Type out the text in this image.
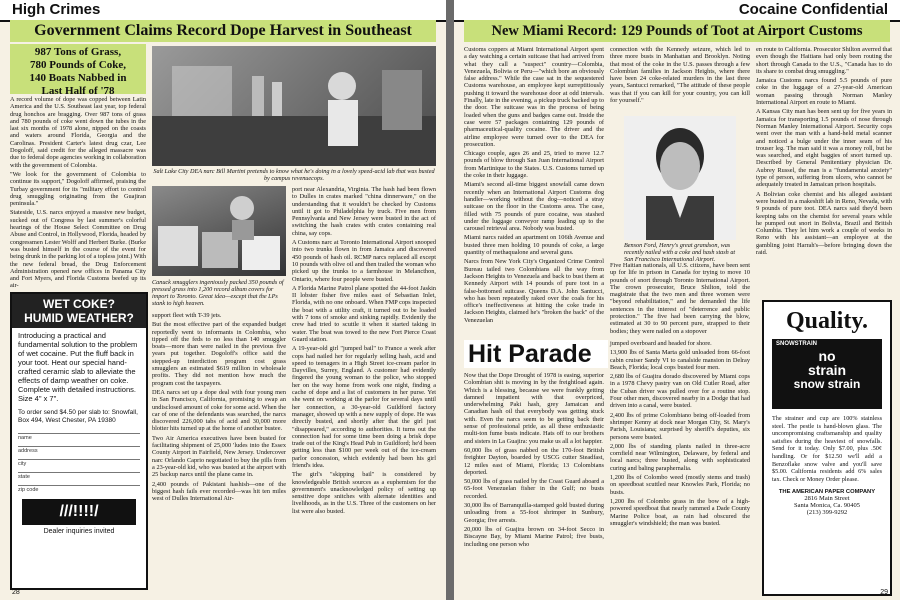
High Crimes
Government Claims Record Dope Harvest in Southeast
987 Tons of Grass,
780 Pounds of Coke,
140 Boats Nabbed in
Last Half of '78

A record volume of dope was copped between Latin America and the U.S. Southeast last year, top federal drug honchos are bragging. Over 987 tons of grass and 780 pounds of coke went down the tubes in the last six months of 1978 alone, nipped on the coasts and waters around Florida, Georgia and the Carolinas. President Carter's latest drug czar, Lee Dogoloff, said credit for the alleged massacre was due to federal dope agencies working in collaboration with the government of Colombia.

"We look for the government of Colombia to continue its support," Dogoloff affirmed, praising the Turbay government for its "military effort to control drug smuggling originating from the Guajiran peninsula."

Stateside, U.S. narcs enjoyed a massive new budget, sucked out of Congress by last summer's colorful hearings of the House Select Committee on Drug Abuse and Control, in Hollywood, Florida, headed by congressmen Lester Wolff and Herbert Burke. (Burke was busted himself in the course of the event for being drunk in the parking lot of a topless joint.) With the new federal bread, the Drug Enforcement Administration opened new offices in Panama City and Fort Myers, and Florida Customs beefed up its air-

Salt Lake City DEA narc Bill Martini pretends to know what he's doing in a lovely speed-acid lab that was busted by campus revenuecops.
Canuck smugglers ingeniously packed 350 pounds of pressed grass into 1,200 record album covers for import to Toronto. Great idea—except that the LPs stank to high heaven.

port near Alexandria, Virginia. The hash had been flown to Dulles in crates marked "china dinnerware," on the understanding that it wouldn't be checked by Customs until it got to Philadelphia by truck. Five men from Pennsylvania and New Jersey were busted in the act of switching the hash crates with crates containing real china, say cops.

A Customs narc at Toronto International Airport snooped into two trunks flown in from Jamaica and discovered 450 pounds of hash oil. RCMP narcs replaced all except 10 pounds with olive oil and then trailed the woman who picked up the trunks to a farmhouse in Melancthon, Ontario, where four people were busted.

A Florida Marine Patrol plane spotted the 44-foot Jaskin II lobster fisher five miles east of Sebastian Inlet, Florida, with no one onboard. When FMP cops inspected the boat with a utility craft, it turned out to be loaded with 7 tons of smoke and sinking rapidly. Evidently the crew had tried to scuttle it when it started taking in water. The boat was towed to the new Fort Pierce Coast Guard station.

A 19-year-old girl "jumped bail" to France a week after cops had nailed her for regularly selling hash, acid and speed to teenagers in a High Street ice-cream parlor in Dayvilles, Surrey, England. A customer had evidently fingered the young woman to the police, who stopped her on the way home from work one night, finding a cache of dope and a list of customers in her purse. Yet she went on working at the parlor for several days until her connection, a 30-year-old Guildford factory manager, showed up with a new supply of dope. He was directly busted, and shortly after that the girl just "disappeared," according to authorities. It turns out the connection had for some time been doing a brisk dope trade out of the King's Head Pub in Guildford; he'd been getting less than $100 per week out of the ice-cream parlor concession, which evidently had been his girl friend's idea.

The girl's "skipping bail" is considered by knowledgeable British sources as a euphemism for the government's unacknowledged policy of setting up sensitive dope snitches with alternate identities and livelihoods, as in the U.S. Three of the customers on her list were also busted.

support fleet with T-39 jets.

But the most effective part of the expanded budget reportedly went to informants in Colombia, who tipped off the feds to no less than 140 smuggler boats—more than were nailed in the previous five years put together. Dogoloff's office said the stepped-up interdiction program cost grass smugglers an estimated $619 million in wholesale profits. They did not mention how much the program cost the taxpayers.

DEA narcs set up a dope deal with four young men in San Francisco, California, promising to swap an undisclosed amount of coke for some acid. When the car of one of the defendants was searched, the narcs discovered 226,000 tabs of acid and 30,000 more blotter hits turned up at the home of another bustee.

Two Air America executives have been busted for facilitating shipment of 25,000 'ludes into the Essex County Airport in Fairfield, New Jersey. Undercover narc Orlando Caprio negotiated to buy the pills from a 23-year-old kid, who was busted at the airport with 25 backup narcs until the plane came in.

2,400 pounds of Pakistani hashish—one of the biggest hash fails ever recorded—was hit ten miles west of Dulles International Air-

WET COKE?
HUMID WEATHER?
Introducing a practical and fundamental solution to the problem of wet cocaine. Put the fluff back in your toot. Heat our special hand-crafted ceramic slab to alleviate the effects of damp weather on coke. Complete with detailed instructions. Size 4" x 7".
To order send $4.50 per slab to: Snowfall, Box 494, West Chester, PA 19380
name
address
city
state
zip code
///!!!!/
Dealer inquiries invited
28
Cocaine Confidential
New Miami Record: 129 Pounds of Toot at Airport Customs

Customs coppers at Miami International Airport spent a day watching a certain suitcase that had arrived from what they call a "suspect" country—Colombia, Venezuela, Bolivia or Peru—"which bore an obviously false address." While the case sat in the sequestered Customs warehouse, an employee kept surreptitiously pushing it toward the warehouse door at odd intervals. Finally, late in the evening, a pickup truck backed up to the door. The suitcase was in the process of being loaded when the guns and badges came out. Inside the case were 57 packages containing 129 pounds of pharmaceutical-quality cocaine. The driver and the airline employee were turned over to the DEA for prosecution.

Chicago couple, ages 26 and 25, tried to move 12.7 pounds of blow through San Juan International Airport from Martinique to the States. U.S. Customs turned up the coke in their luggage.

Miami's second all-time biggest snowfall came down recently when an International Airport Customs dog handler—working without the dog—noticed a stray suitcase on the floor in the Customs area. The case, filled with 75 pounds of pure cocaine, was stashed under the luggage conveyor ramp leading up to the carousel retrieval area. Nobody was busted.

Miami narcs raided an apartment on 106th Avenue and busted three men holding 10 pounds of coke, a large quantity of methaqualone and several guns.

Narcs from New York City's Organized Crime Control Bureau tailed two Colombians all the way from Jackson Heights to Venezuela and back to bust them at Kennedy Airport with 14 pounds of pure toot in a false-bottomed suitcase. Queens D.A. John Santucci, who has been repeatedly raked over the coals for his office's ineffectiveness at hitting the coke trade in Jackson Heights, claimed he's "broken the back" of the Venezuelan

connection with the Kennedy seizure, which led to three more busts in Manhattan and Brooklyn. Noting that most of the coke in the U.S. passes through a few Colombian families in Jackson Heights, where there have been 24 coke-related murders in the last three years, Santucci remarked, "The attitude of these people was that if you can kill for your country, you can kill for yourself."

Benson Ford, Henry's great grandson, was recently nailed with a coke and hash stash at San Francisco International Airport.

Five Haitian nationals, all U.S. citizens, have been sent up for life in prison in Canada for trying to move 10 pounds of snort through Toronto International Airport. The crown prosecutor, Bruce Shilton, told the magistrate that the two men and three women were "beyond rehabilitation," and he demanded the life sentences in the interest of "deterrence and public protection." The five had been carrying the blow, estimated at 30 to 90 percent pure, strapped to their bodies; they were nailed on a stopover

en route to California. Prosecutor Shilton averred that even though the Haitians had only been routing the short through Canada to the U.S., "Canada has to do its share to combat drug smuggling."

Jamaica Customs narcs found 5.5 pounds of pure coke in the luggage of a 27-year-old American woman passing through Norman Manley International Airport en route to Miami.

A Kansas City man has been sent up for five years in Jamaica for transporting 1.5 pounds of nose through Norman Manley International Airport. Security cops went over the man with a hand-held metal scanner and noticed a bulge under the inner seam of his trouser leg. The man said it was a money roll, but he was searched, and eight baggies of snort turned up. Described by General Penitentiary physician Dr. Aubrey Russel, the man is a "fundamental anxiety" type of person, suffering from ulcers, who cannot be adequately treated in Jamaican prison hospitals.

A Bolivian coke chemist and his alleged assistant were busted in a makeshift lab in Reno, Nevada, with 9 pounds of pure toot. DEA narcs said they'd been keeping tabs on the chemist for several years while he pumped out snort in Bolivia, Brazil and British Columbia. They let him work a couple of weeks in Reno with his assistant—an employee at the gambling joint Harrah's—before bringing down the raid.

Hit Parade

Now that the Dope Drought of 1978 is easing, superior Colombian shit is moving in by the freightload again. Which is a blessing, because we were frankly getting damned impatient with that overpriced, underwhelming Paki hash, grey Jamaican and Canadian hash oil that everybody was getting stuck with. Even the narcs seem to be getting back their sense of professional pride, as all these enthusiastic multi-ton fume busts indicate. Hats off to our brothers and sisters in La Guajira: you make us all a lot happier.

60,000 lbs of grass nabbed on the 170-foot British freighter Dayton, boarded by USCG cutter Steadfast, 12 miles east of Miami, Florida; 13 Colombians deported.

50,000 lbs of grass nailed by the Coast Guard aboard a 65-foot Venezuelan fisher in the Gulf; no busts recorded.

30,000 lbs of Barranquilla-stamped gold busted during unloading from a 55-foot shrimper in Sunbury, Georgia; five arrests.

20,000 lbs of Guajira brown on 34-foot Secco in Biscayne Bay, by Miami Marine Patrol; five busts, including one person who

jumped overboard and headed for shore.

13,900 lbs of Santa Marta gold unloaded from 66-foot cabin cruiser Sandy VI to canalside mansion in Delray Beach, Florida; local cops busted four men.

2,680 lbs of Guajira dorado discovered by Miami cops in a 1978 Chevy pastry van on Old Cutler Road, after the Cuban driver was pulled over for a routine stop. Four other men, discovered nearby in a Dodge that had driven into a canal, were busted.

2,400 lbs of prime Colombiano being off-loaded from shrimper Kenny at dock near Morgan City, St. Mary's Parish, Louisiana; surprised by sheriff's deputies, six persons were busted.

2,000 lbs of standing plants nailed in three-acre cornfield near Wilmington, Delaware, by federal and local narcs; three busted, along with sophisticated curing and baling paraphernalia.

1,200 lbs of Colombo weed (mostly stems and trash) on speedboat scuttled near Knowles Park, Florida; no busts.

1,200 lbs of Colombo grass in the bow of a high-powered speedboat that nearly rammed a Dade County Marine Police boat, as rain had obscured the smuggler's windshield; the man was busted.

Quality.
SNOWSTRAIN
no
strain
snow strain
The strainer and cup are 100% stainless steel. The pestle is hand-blown glass. The uncompromising craftsmanship and quality satisfies during the heaviest of snowfalls. Send for it today. Only $7.00, plus .50¢ handling. Or for $12.50 we'll add a Benzoflake snow valve and you'll save $5.00. California residents add 6% sales tax. Check or Money Order please.
THE AMERICAN PAPER COMPANY
2816 Main Street
Santa Monica, Ca. 90405
(213) 399-9292
29
